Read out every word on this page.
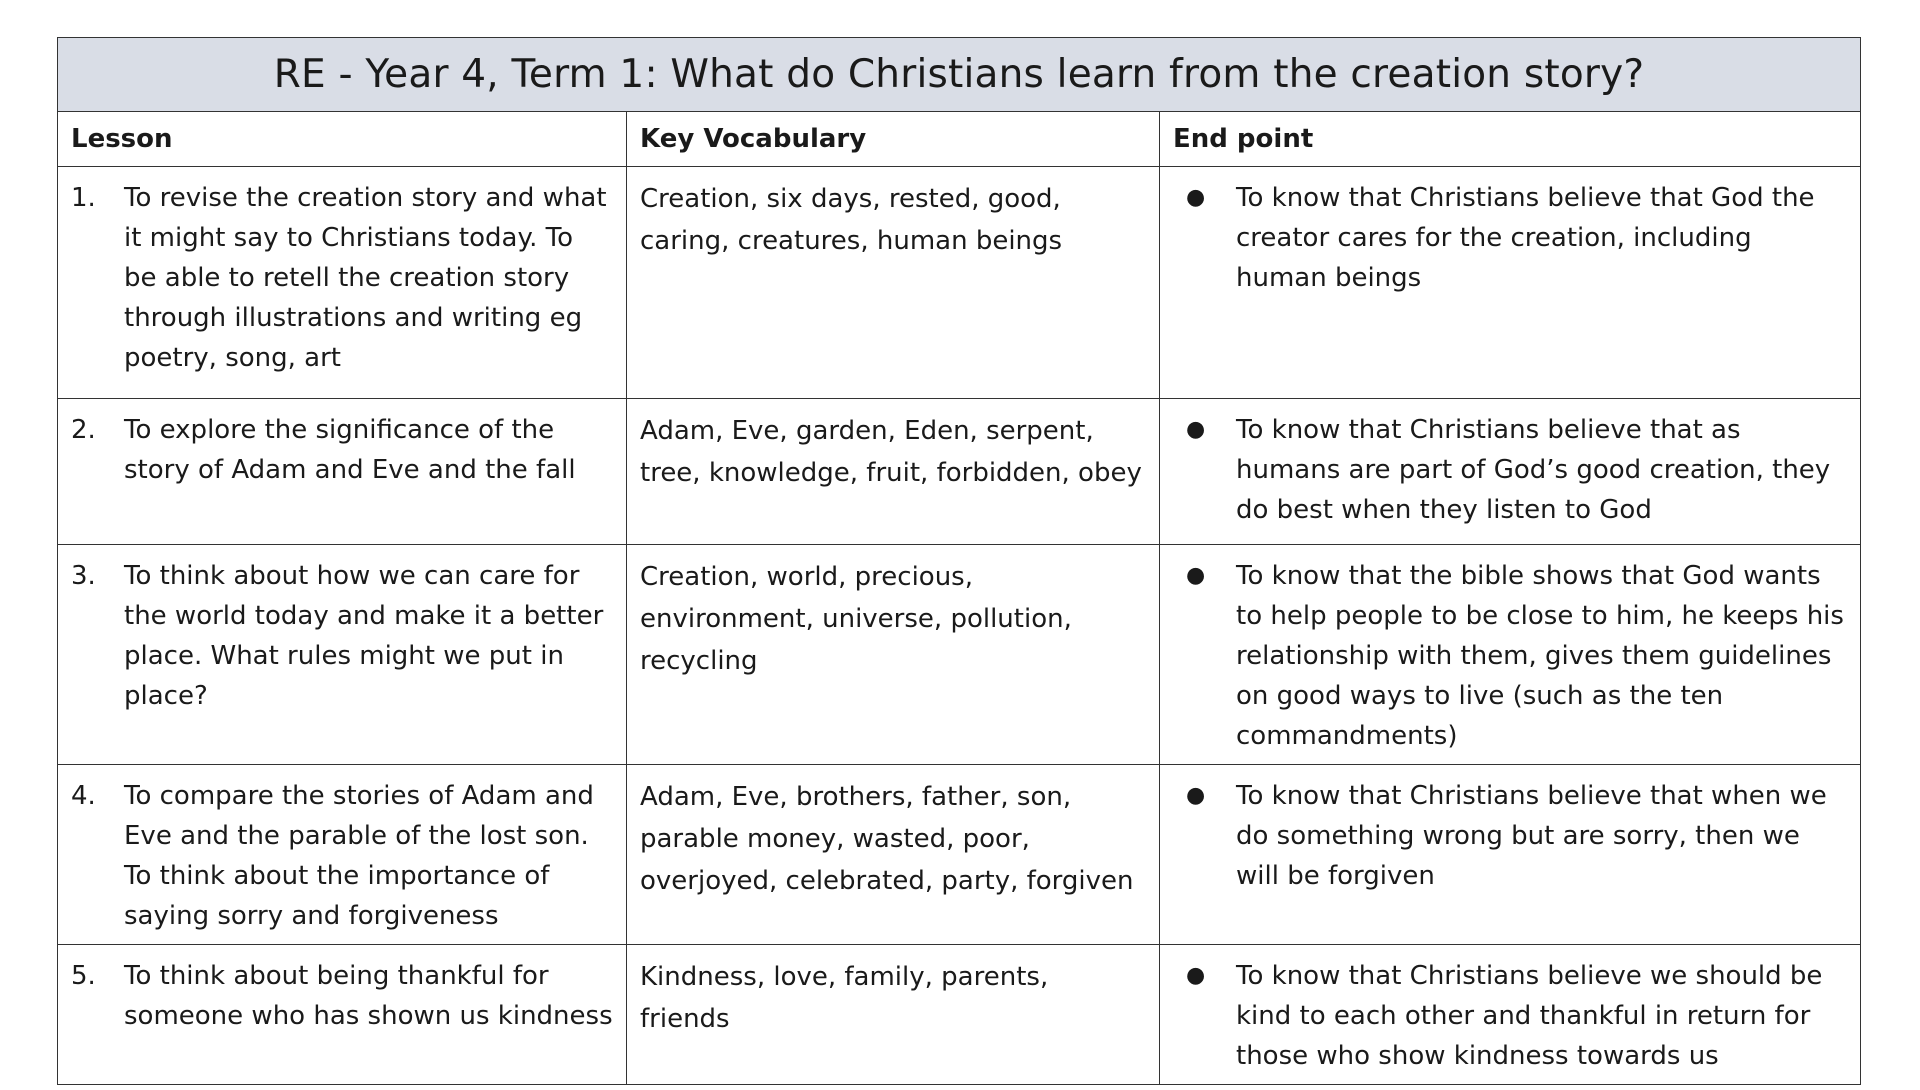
RE - Year 4, Term 1: What do Christians learn from the creation story?		
Lesson	Key Vocabulary	End point

1. To revise the creation story and what it might say to Christians today. To be able to retell the creation story through illustrations and writing eg poetry, song, art	Creation, six days, rested, good, caring, creatures, human beings	● To know that Christians believe that God the creator cares for the creation, including human beings

2. To explore the significance of the story of Adam and Eve and the fall	Adam, Eve, garden, Eden, serpent, tree, knowledge, fruit, forbidden, obey	● To know that Christians believe that as humans are part of God’s good creation, they do best when they listen to God

3. To think about how we can care for the world today and make it a better place. What rules might we put in place?	Creation, world, precious, environment, universe, pollution, recycling	● To know that the bible shows that God wants to help people to be close to him, he keeps his relationship with them, gives them guidelines on good ways to live (such as the ten commandments)

4. To compare the stories of Adam and Eve and the parable of the lost son. To think about the importance of saying sorry and forgiveness	Adam, Eve, brothers, father, son, parable money, wasted, poor, overjoyed, celebrated, party, forgiven	● To know that Christians believe that when we do something wrong but are sorry, then we will be forgiven

5. To think about being thankful for someone who has shown us kindness	Kindness, love, family, parents, friends	● To know that Christians believe we should be kind to each other and thankful in return for those who show kindness towards us
